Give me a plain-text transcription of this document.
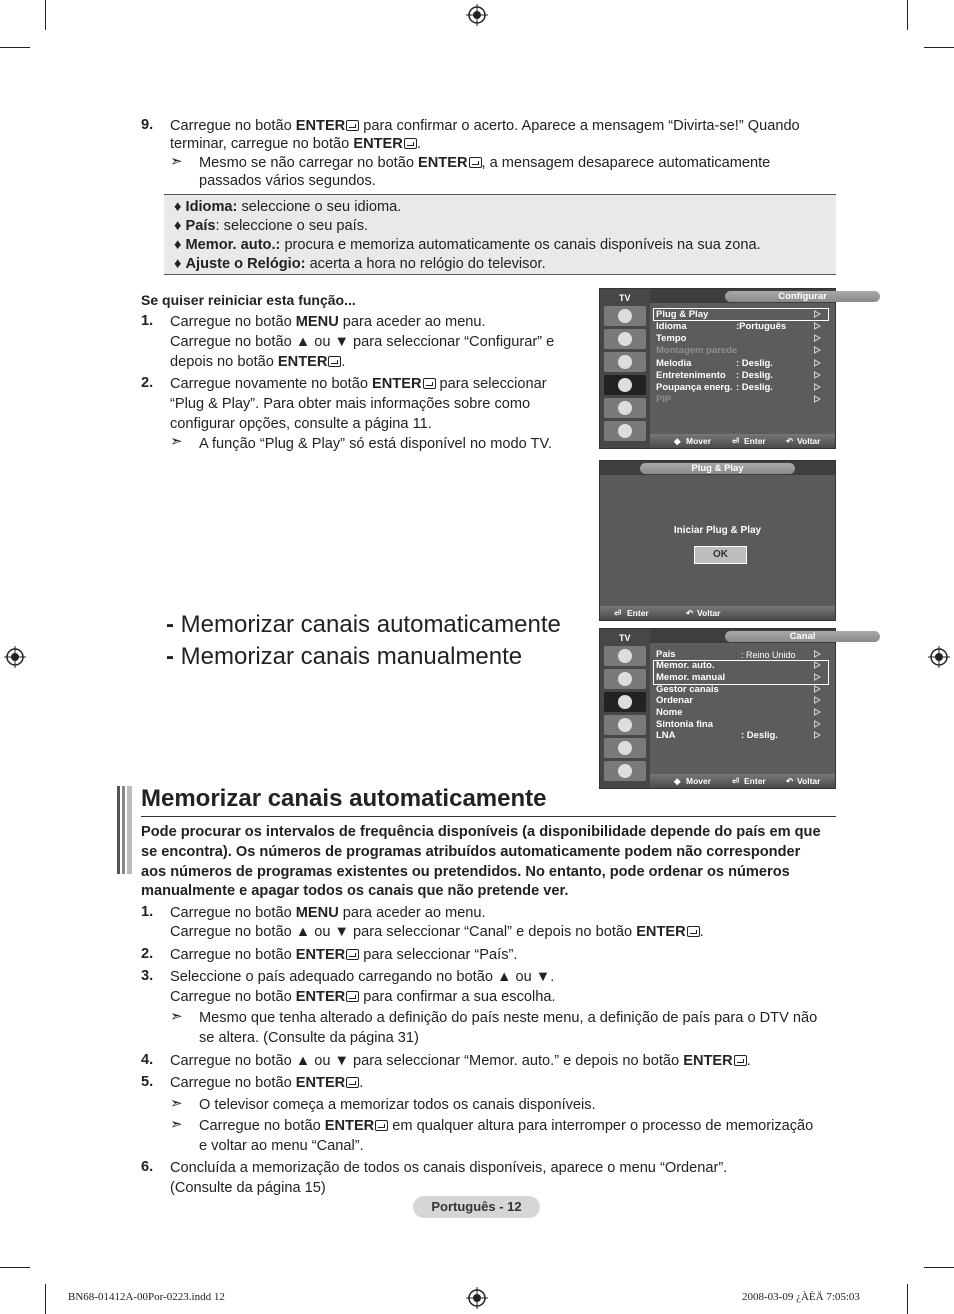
9. Carregue no botão ENTER para confirmar o acerto. Aparece a mensagem “Divirta-se!” Quando
terminar, carregue no botão ENTER .
➣ Mesmo se não carregar no botão ENTER , a mensagem desaparece automaticamente
passados vários segundos.
♦ Idioma: seleccione o seu idioma.
♦ País: seleccione o seu país.
♦ Memor. auto.: procura e memoriza automaticamente os canais disponíveis na sua zona.
♦ Ajuste o Relógio: acerta a hora no relógio do televisor.
Se quiser reiniciar esta função...
1. Carregue no botão MENU para aceder ao menu.
Carregue no botão ▲ ou ▼ para seleccionar “Configurar” e
depois no botão ENTER .
2. Carregue novamente no botão ENTER para seleccionar
“Plug & Play”. Para obter mais informações sobre como
configurar opções, consulte a página 11.
➣ A função “Plug & Play” só está disponível no modo TV.
TV	Configurar
Plug & Play
Idioma	:Português
Tempo
Montagem parede
Melodia	: Deslig.
Entretenimento : Deslig.
Poupança energ. : Deslig.
PIP
◆ Mover ⏎ Enter ↶ Voltar
Plug & Play
Iniciar Plug & Play
OK
⏎ Enter	↶ Voltar
TV	Canal
País	: Reino Unido
Memor. auto.
Memor. manual
Gestor canais
Ordenar
Nome
Sintonia fina
LNA	: Deslig.
◆ Mover ⏎ Enter ↶ Voltar
- Memorizar canais automaticamente
- Memorizar canais manualmente
Memorizar canais automaticamente
Pode procurar os intervalos de frequência disponíveis (a disponibilidade depende do país em que
se encontra). Os números de programas atribuídos automaticamente podem não corresponder
aos números de programas existentes ou pretendidos. No entanto, pode ordenar os números
manualmente e apagar todos os canais que não pretende ver.
1. Carregue no botão MENU para aceder ao menu.
Carregue no botão ▲ ou ▼ para seleccionar “Canal” e depois no botão ENTER .
2. Carregue no botão ENTER para seleccionar “País”.
3. Seleccione o país adequado carregando no botão ▲ ou ▼.
Carregue no botão ENTER para confirmar a sua escolha.
➣ Mesmo que tenha alterado a definição do país neste menu, a definição de país para o DTV não
se altera. (Consulte da página 31)
4. Carregue no botão ▲ ou ▼ para seleccionar “Memor. auto.” e depois no botão ENTER .
5. Carregue no botão ENTER .
➣ O televisor começa a memorizar todos os canais disponíveis.
➣ Carregue no botão ENTER em qualquer altura para interromper o processo de memorização
e voltar ao menu “Canal”.
6. Concluída a memorização de todos os canais disponíveis, aparece o menu “Ordenar”.
(Consulte da página 15)
Português - 12
BN68-01412A-00Por-0223.indd 12	2008-03-09 ¿ÀÈÄ 7:05:03
